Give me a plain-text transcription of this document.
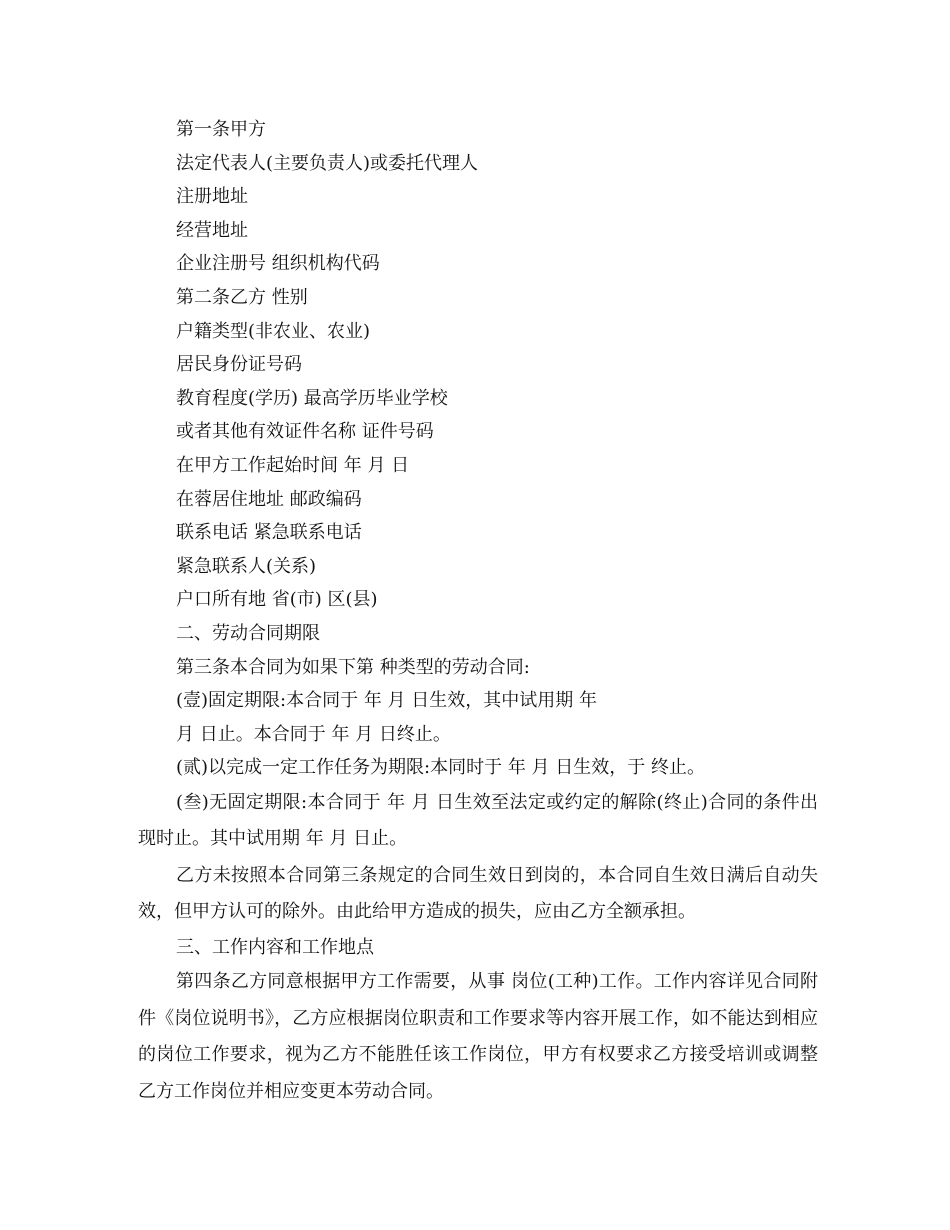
第一条甲方

法定代表人(主要负责人)或委托代理人

注册地址

经营地址

企业注册号 组织机构代码

第二条乙方 性别

户籍类型(非农业、农业)

居民身份证号码

教育程度(学历) 最高学历毕业学校

或者其他有效证件名称 证件号码

在甲方工作起始时间 年 月 日

在蓉居住地址 邮政编码

联系电话 紧急联系电话

紧急联系人(关系)

户口所有地 省(市) 区(县)

二、劳动合同期限

第三条本合同为如果下第 种类型的劳动合同:

(壹)固定期限:本合同于 年 月 日生效，其中试用期 年

月 日止。本合同于 年 月 日终止。

(贰)以完成一定工作任务为期限:本同时于 年 月 日生效，于 终止。

(叁)无固定期限:本合同于 年 月 日生效至法定或约定的解除(终止)合同的条件出现时止。其中试用期 年 月 日止。

乙方未按照本合同第三条规定的合同生效日到岗的，本合同自生效日满后自动失效，但甲方认可的除外。由此给甲方造成的损失，应由乙方全额承担。

三、工作内容和工作地点

第四条乙方同意根据甲方工作需要，从事 岗位(工种)工作。工作内容详见合同附件《岗位说明书》，乙方应根据岗位职责和工作要求等内容开展工作，如不能达到相应的岗位工作要求，视为乙方不能胜任该工作岗位，甲方有权要求乙方接受培训或调整乙方工作岗位并相应变更本劳动合同。
